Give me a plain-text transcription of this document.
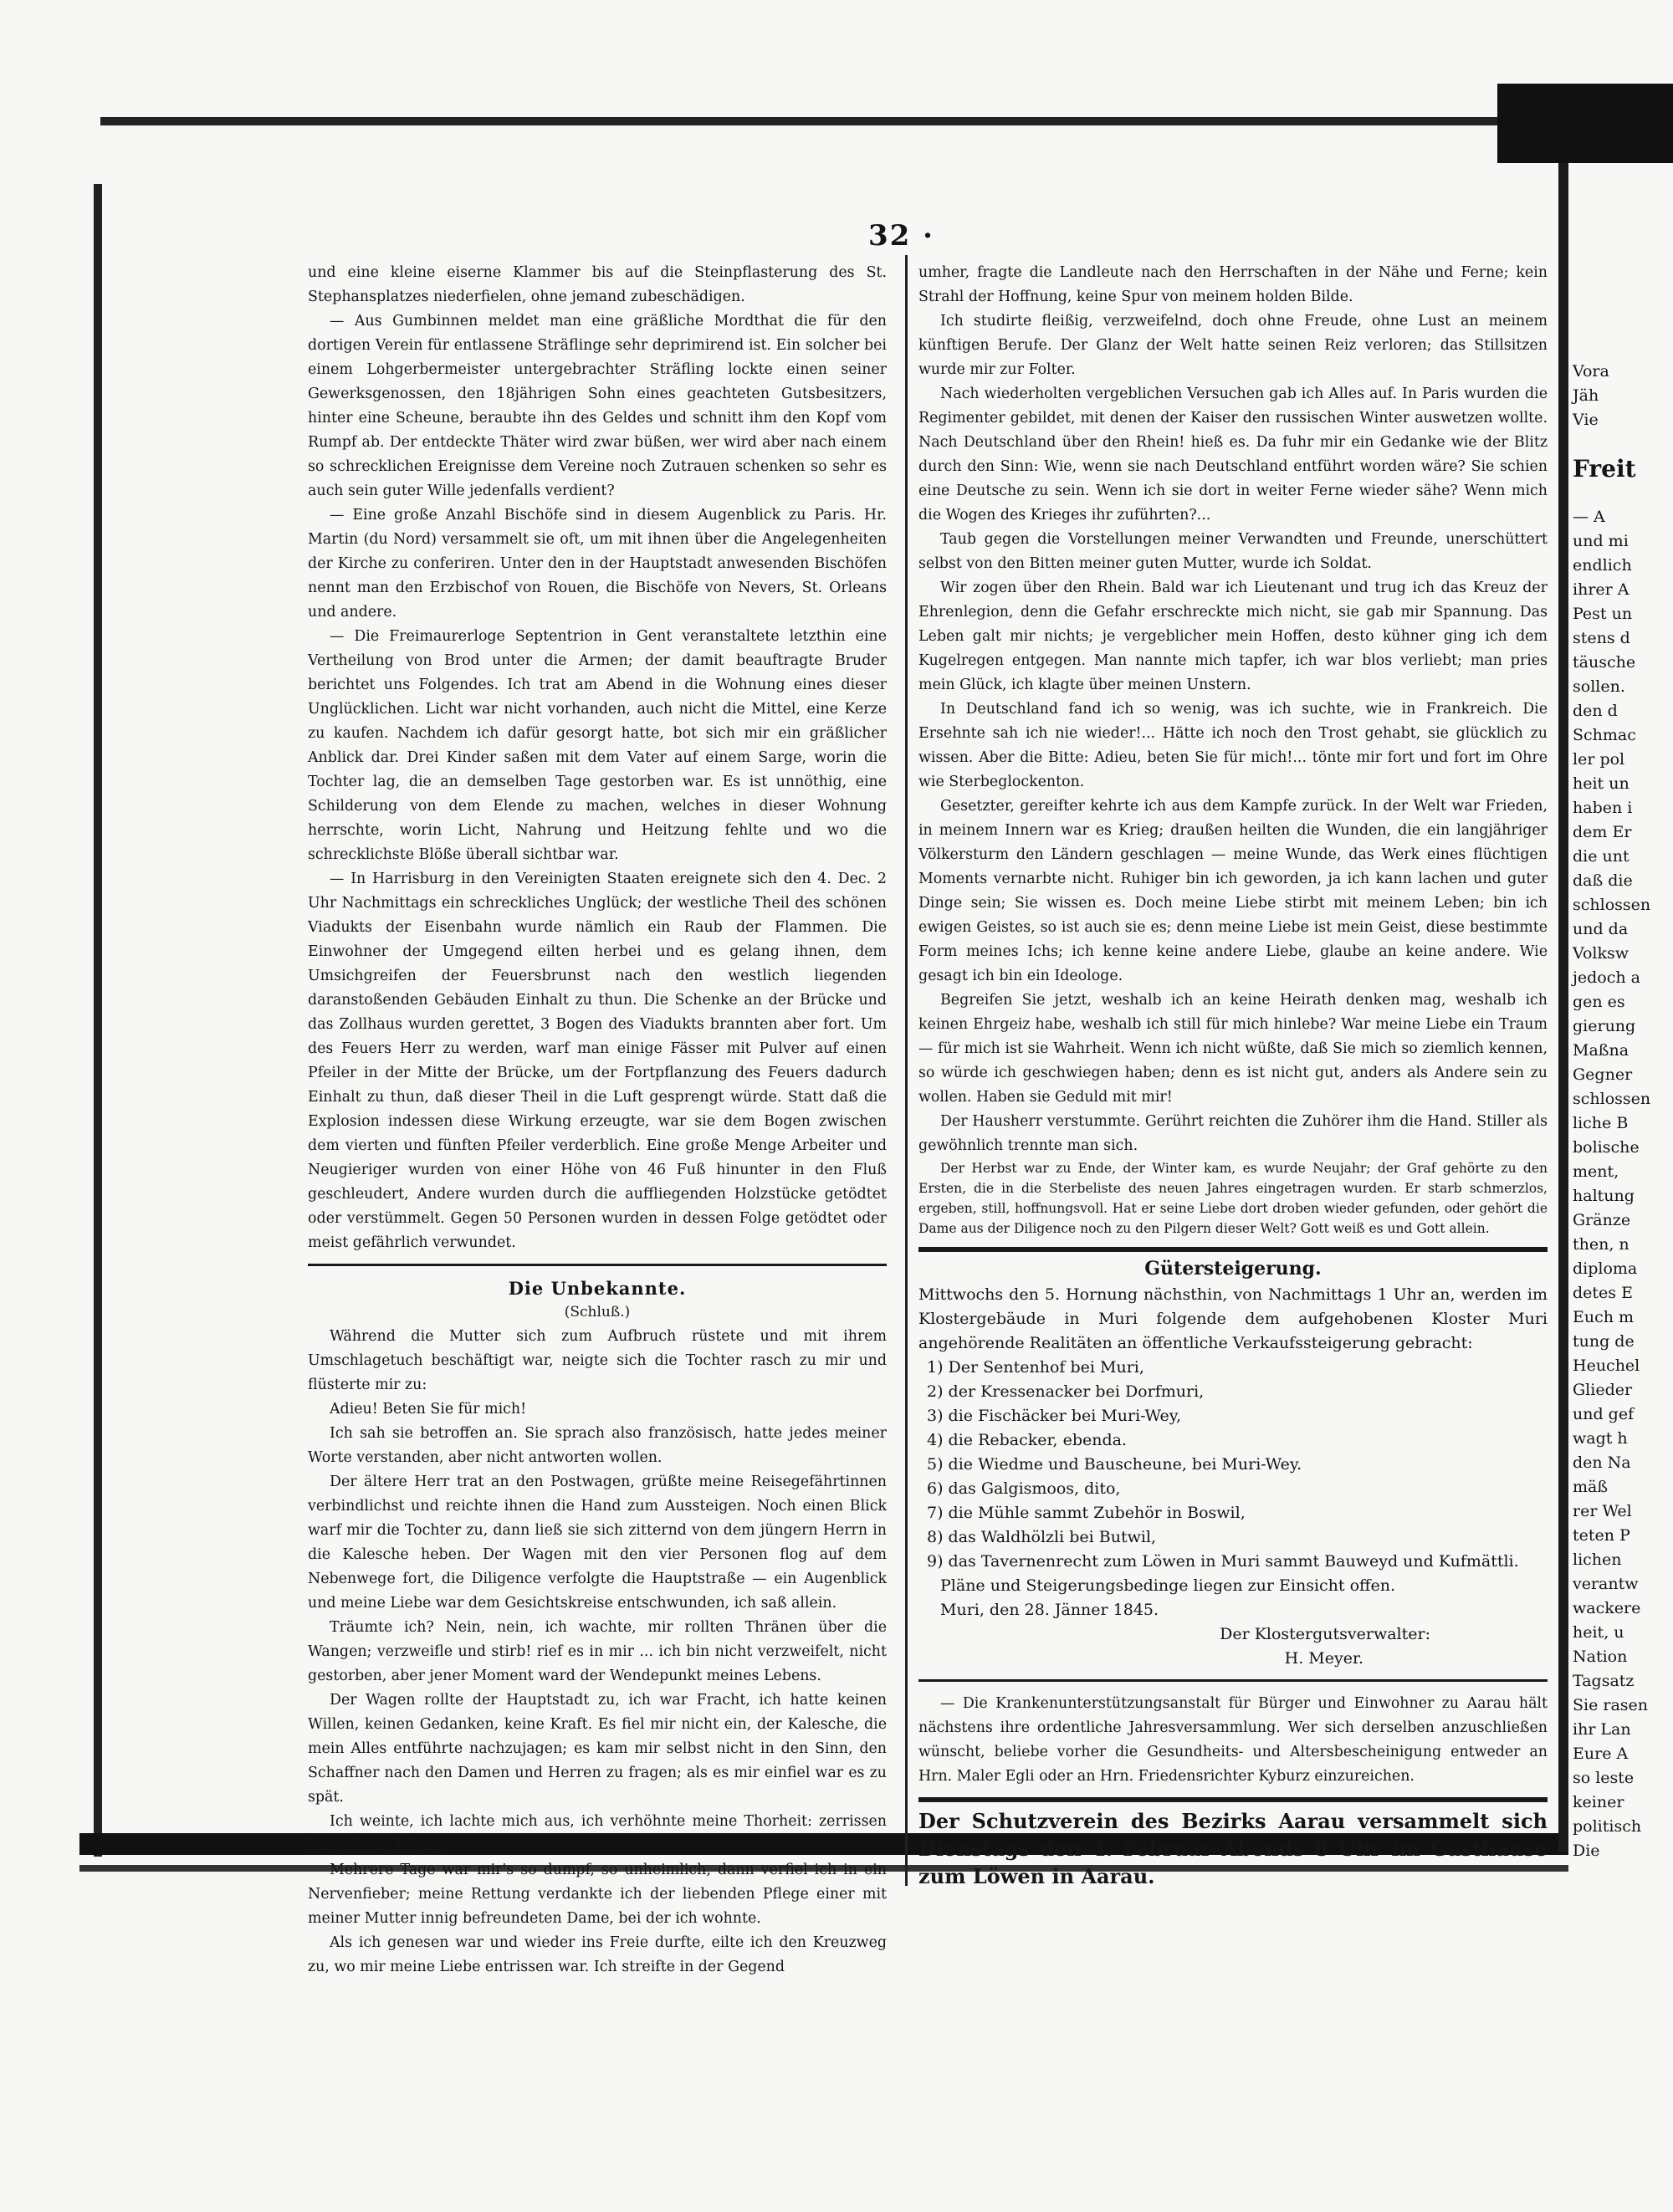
32 ·

und eine kleine eiserne Klammer bis auf die Steinpflasterung des St. Stephansplatzes niederfielen, ohne jemand zubeschädigen.

— Aus Gumbinnen meldet man eine gräßliche Mordthat die für den dortigen Verein für entlassene Sträflinge sehr deprimirend ist. Ein solcher bei einem Lohgerbermeister untergebrachter Sträfling lockte einen seiner Gewerksgenossen, den 18jährigen Sohn eines geachteten Gutsbesitzers, hinter eine Scheune, beraubte ihn des Geldes und schnitt ihm den Kopf vom Rumpf ab. Der entdeckte Thäter wird zwar büßen, wer wird aber nach einem so schrecklichen Ereignisse dem Vereine noch Zutrauen schenken so sehr es auch sein guter Wille jedenfalls verdient?

— Eine große Anzahl Bischöfe sind in diesem Augenblick zu Paris. Hr. Martin (du Nord) versammelt sie oft, um mit ihnen über die Angelegenheiten der Kirche zu conferiren. Unter den in der Hauptstadt anwesenden Bischöfen nennt man den Erzbischof von Rouen, die Bischöfe von Nevers, St. Orleans und andere.

— Die Freimaurerloge Septentrion in Gent veranstaltete letzthin eine Vertheilung von Brod unter die Armen; der damit beauftragte Bruder berichtet uns Folgendes. Ich trat am Abend in die Wohnung eines dieser Unglücklichen. Licht war nicht vorhanden, auch nicht die Mittel, eine Kerze zu kaufen. Nachdem ich dafür gesorgt hatte, bot sich mir ein gräßlicher Anblick dar. Drei Kinder saßen mit dem Vater auf einem Sarge, worin die Tochter lag, die an demselben Tage gestorben war. Es ist unnöthig, eine Schilderung von dem Elende zu machen, welches in dieser Wohnung herrschte, worin Licht, Nahrung und Heitzung fehlte und wo die schrecklichste Blöße überall sichtbar war.

— In Harrisburg in den Vereinigten Staaten ereignete sich den 4. Dec. 2 Uhr Nachmittags ein schreckliches Unglück; der westliche Theil des schönen Viadukts der Eisenbahn wurde nämlich ein Raub der Flammen. Die Einwohner der Umgegend eilten herbei und es gelang ihnen, dem Umsichgreifen der Feuersbrunst nach den westlich liegenden daranstoßenden Gebäuden Einhalt zu thun. Die Schenke an der Brücke und das Zollhaus wurden gerettet, 3 Bogen des Viadukts brannten aber fort. Um des Feuers Herr zu werden, warf man einige Fässer mit Pulver auf einen Pfeiler in der Mitte der Brücke, um der Fortpflanzung des Feuers dadurch Einhalt zu thun, daß dieser Theil in die Luft gesprengt würde. Statt daß die Explosion indessen diese Wirkung erzeugte, war sie dem Bogen zwischen dem vierten und fünften Pfeiler verderblich. Eine große Menge Arbeiter und Neugieriger wurden von einer Höhe von 46 Fuß hinunter in den Fluß geschleudert, Andere wurden durch die auffliegenden Holzstücke getödtet oder verstümmelt. Gegen 50 Personen wurden in dessen Folge getödtet oder meist gefährlich verwundet.

Die Unbekannte.

(Schluß.)

Während die Mutter sich zum Aufbruch rüstete und mit ihrem Umschlagetuch beschäftigt war, neigte sich die Tochter rasch zu mir und flüsterte mir zu:

Adieu! Beten Sie für mich!

Ich sah sie betroffen an. Sie sprach also französisch, hatte jedes meiner Worte verstanden, aber nicht antworten wollen.

Der ältere Herr trat an den Postwagen, grüßte meine Reisegefährtinnen verbindlichst und reichte ihnen die Hand zum Aussteigen. Noch einen Blick warf mir die Tochter zu, dann ließ sie sich zitternd von dem jüngern Herrn in die Kalesche heben. Der Wagen mit den vier Personen flog auf dem Nebenwege fort, die Diligence verfolgte die Hauptstraße — ein Augenblick und meine Liebe war dem Gesichtskreise entschwunden, ich saß allein.

Träumte ich? Nein, nein, ich wachte, mir rollten Thränen über die Wangen; verzweifle und stirb! rief es in mir ... ich bin nicht verzweifelt, nicht gestorben, aber jener Moment ward der Wendepunkt meines Lebens.

Der Wagen rollte der Hauptstadt zu, ich war Fracht, ich hatte keinen Willen, keinen Gedanken, keine Kraft. Es fiel mir nicht ein, der Kalesche, die mein Alles entführte nachzujagen; es kam mir selbst nicht in den Sinn, den Schaffner nach den Damen und Herren zu fragen; als es mir einfiel war es zu spät.

Ich weinte, ich lachte mich aus, ich verhöhnte meine Thorheit: zerrissen kam ich nach Paris.

Mehrere Tage war mir's so dumpf, so unheimlich, dann verfiel ich in ein Nervenfieber; meine Rettung verdankte ich der liebenden Pflege einer mit meiner Mutter innig befreundeten Dame, bei der ich wohnte.

Als ich genesen war und wieder ins Freie durfte, eilte ich den Kreuzweg zu, wo mir meine Liebe entrissen war. Ich streifte in der Gegend

umher, fragte die Landleute nach den Herrschaften in der Nähe und Ferne; kein Strahl der Hoffnung, keine Spur von meinem holden Bilde.

Ich studirte fleißig, verzweifelnd, doch ohne Freude, ohne Lust an meinem künftigen Berufe. Der Glanz der Welt hatte seinen Reiz verloren; das Stillsitzen wurde mir zur Folter.

Nach wiederholten vergeblichen Versuchen gab ich Alles auf. In Paris wurden die Regimenter gebildet, mit denen der Kaiser den russischen Winter auswetzen wollte. Nach Deutschland über den Rhein! hieß es. Da fuhr mir ein Gedanke wie der Blitz durch den Sinn: Wie, wenn sie nach Deutschland entführt worden wäre? Sie schien eine Deutsche zu sein. Wenn ich sie dort in weiter Ferne wieder sähe? Wenn mich die Wogen des Krieges ihr zuführten?...

Taub gegen die Vorstellungen meiner Verwandten und Freunde, unerschüttert selbst von den Bitten meiner guten Mutter, wurde ich Soldat.

Wir zogen über den Rhein. Bald war ich Lieutenant und trug ich das Kreuz der Ehrenlegion, denn die Gefahr erschreckte mich nicht, sie gab mir Spannung. Das Leben galt mir nichts; je vergeblicher mein Hoffen, desto kühner ging ich dem Kugelregen entgegen. Man nannte mich tapfer, ich war blos verliebt; man pries mein Glück, ich klagte über meinen Unstern.

In Deutschland fand ich so wenig, was ich suchte, wie in Frankreich. Die Ersehnte sah ich nie wieder!... Hätte ich noch den Trost gehabt, sie glücklich zu wissen. Aber die Bitte: Adieu, beten Sie für mich!... tönte mir fort und fort im Ohre wie Sterbeglockenton.

Gesetzter, gereifter kehrte ich aus dem Kampfe zurück. In der Welt war Frieden, in meinem Innern war es Krieg; draußen heilten die Wunden, die ein langjähriger Völkersturm den Ländern geschlagen — meine Wunde, das Werk eines flüchtigen Moments vernarbte nicht. Ruhiger bin ich geworden, ja ich kann lachen und guter Dinge sein; Sie wissen es. Doch meine Liebe stirbt mit meinem Leben; bin ich ewigen Geistes, so ist auch sie es; denn meine Liebe ist mein Geist, diese bestimmte Form meines Ichs; ich kenne keine andere Liebe, glaube an keine andere. Wie gesagt ich bin ein Ideologe.

Begreifen Sie jetzt, weshalb ich an keine Heirath denken mag, weshalb ich keinen Ehrgeiz habe, weshalb ich still für mich hinlebe? War meine Liebe ein Traum — für mich ist sie Wahrheit. Wenn ich nicht wüßte, daß Sie mich so ziemlich kennen, so würde ich geschwiegen haben; denn es ist nicht gut, anders als Andere sein zu wollen. Haben sie Geduld mit mir!

Der Hausherr verstummte. Gerührt reichten die Zuhörer ihm die Hand. Stiller als gewöhnlich trennte man sich.

Der Herbst war zu Ende, der Winter kam, es wurde Neujahr; der Graf gehörte zu den Ersten, die in die Sterbeliste des neuen Jahres eingetragen wurden. Er starb schmerzlos, ergeben, still, hoffnungsvoll. Hat er seine Liebe dort droben wieder gefunden, oder gehört die Dame aus der Diligence noch zu den Pilgern dieser Welt? Gott weiß es und Gott allein.

Gütersteigerung.
Mittwochs den 5. Hornung nächsthin, von Nachmittags 1 Uhr an, werden im Klostergebäude in Muri folgende dem aufgehobenen Kloster Muri angehörende Realitäten an öffentliche Verkaufssteigerung gebracht:
1) Der Sentenhof bei Muri,
2) der Kressenacker bei Dorfmuri,
3) die Fischäcker bei Muri-Wey,
4) die Rebacker, ebenda.
5) die Wiedme und Bauscheune, bei Muri-Wey.
6) das Galgismoos, dito,
7) die Mühle sammt Zubehör in Boswil,
8) das Waldhölzli bei Butwil,
9) das Tavernenrecht zum Löwen in Muri sammt Bauweyd und Kufmättli.
Pläne und Steigerungsbedinge liegen zur Einsicht offen.
Muri, den 28. Jänner 1845.
Der Klostergutsverwalter:
H. Meyer.

— Die Krankenunterstützungsanstalt für Bürger und Einwohner zu Aarau hält nächstens ihre ordentliche Jahresversammlung. Wer sich derselben anzuschließen wünscht, beliebe vorher die Gesundheits- und Altersbescheinigung entweder an Hrn. Maler Egli oder an Hrn. Friedensrichter Kyburz einzureichen.

Der Schutzverein des Bezirks Aarau versammelt sich Dienstags den 4. Februar Abends 8 Uhr im Gasthause zum Löwen in Aarau.
Vora
Jäh
Vie
Freit
— A
und mi
endlich
ihrer A
Pest un
stens d
täusche
sollen.
den d
Schmac
ler pol
heit un
haben i
dem Er
die unt
daß die
schlossen
und da
Volksw
jedoch a
gen es
gierung
Maßna
Gegner
schlossen
liche B
bolische
ment,
haltung
Gränze
then, n
diploma
detes E
Euch m
tung de
Heuchel
Glieder
und gef
wagt h
den Na
mäß
rer Wel
teten P
lichen
verantw
wackere
heit, u
Nation
Tagsatz
Sie rasen
ihr Lan
Eure A
so leste
keiner
politisch
Die
